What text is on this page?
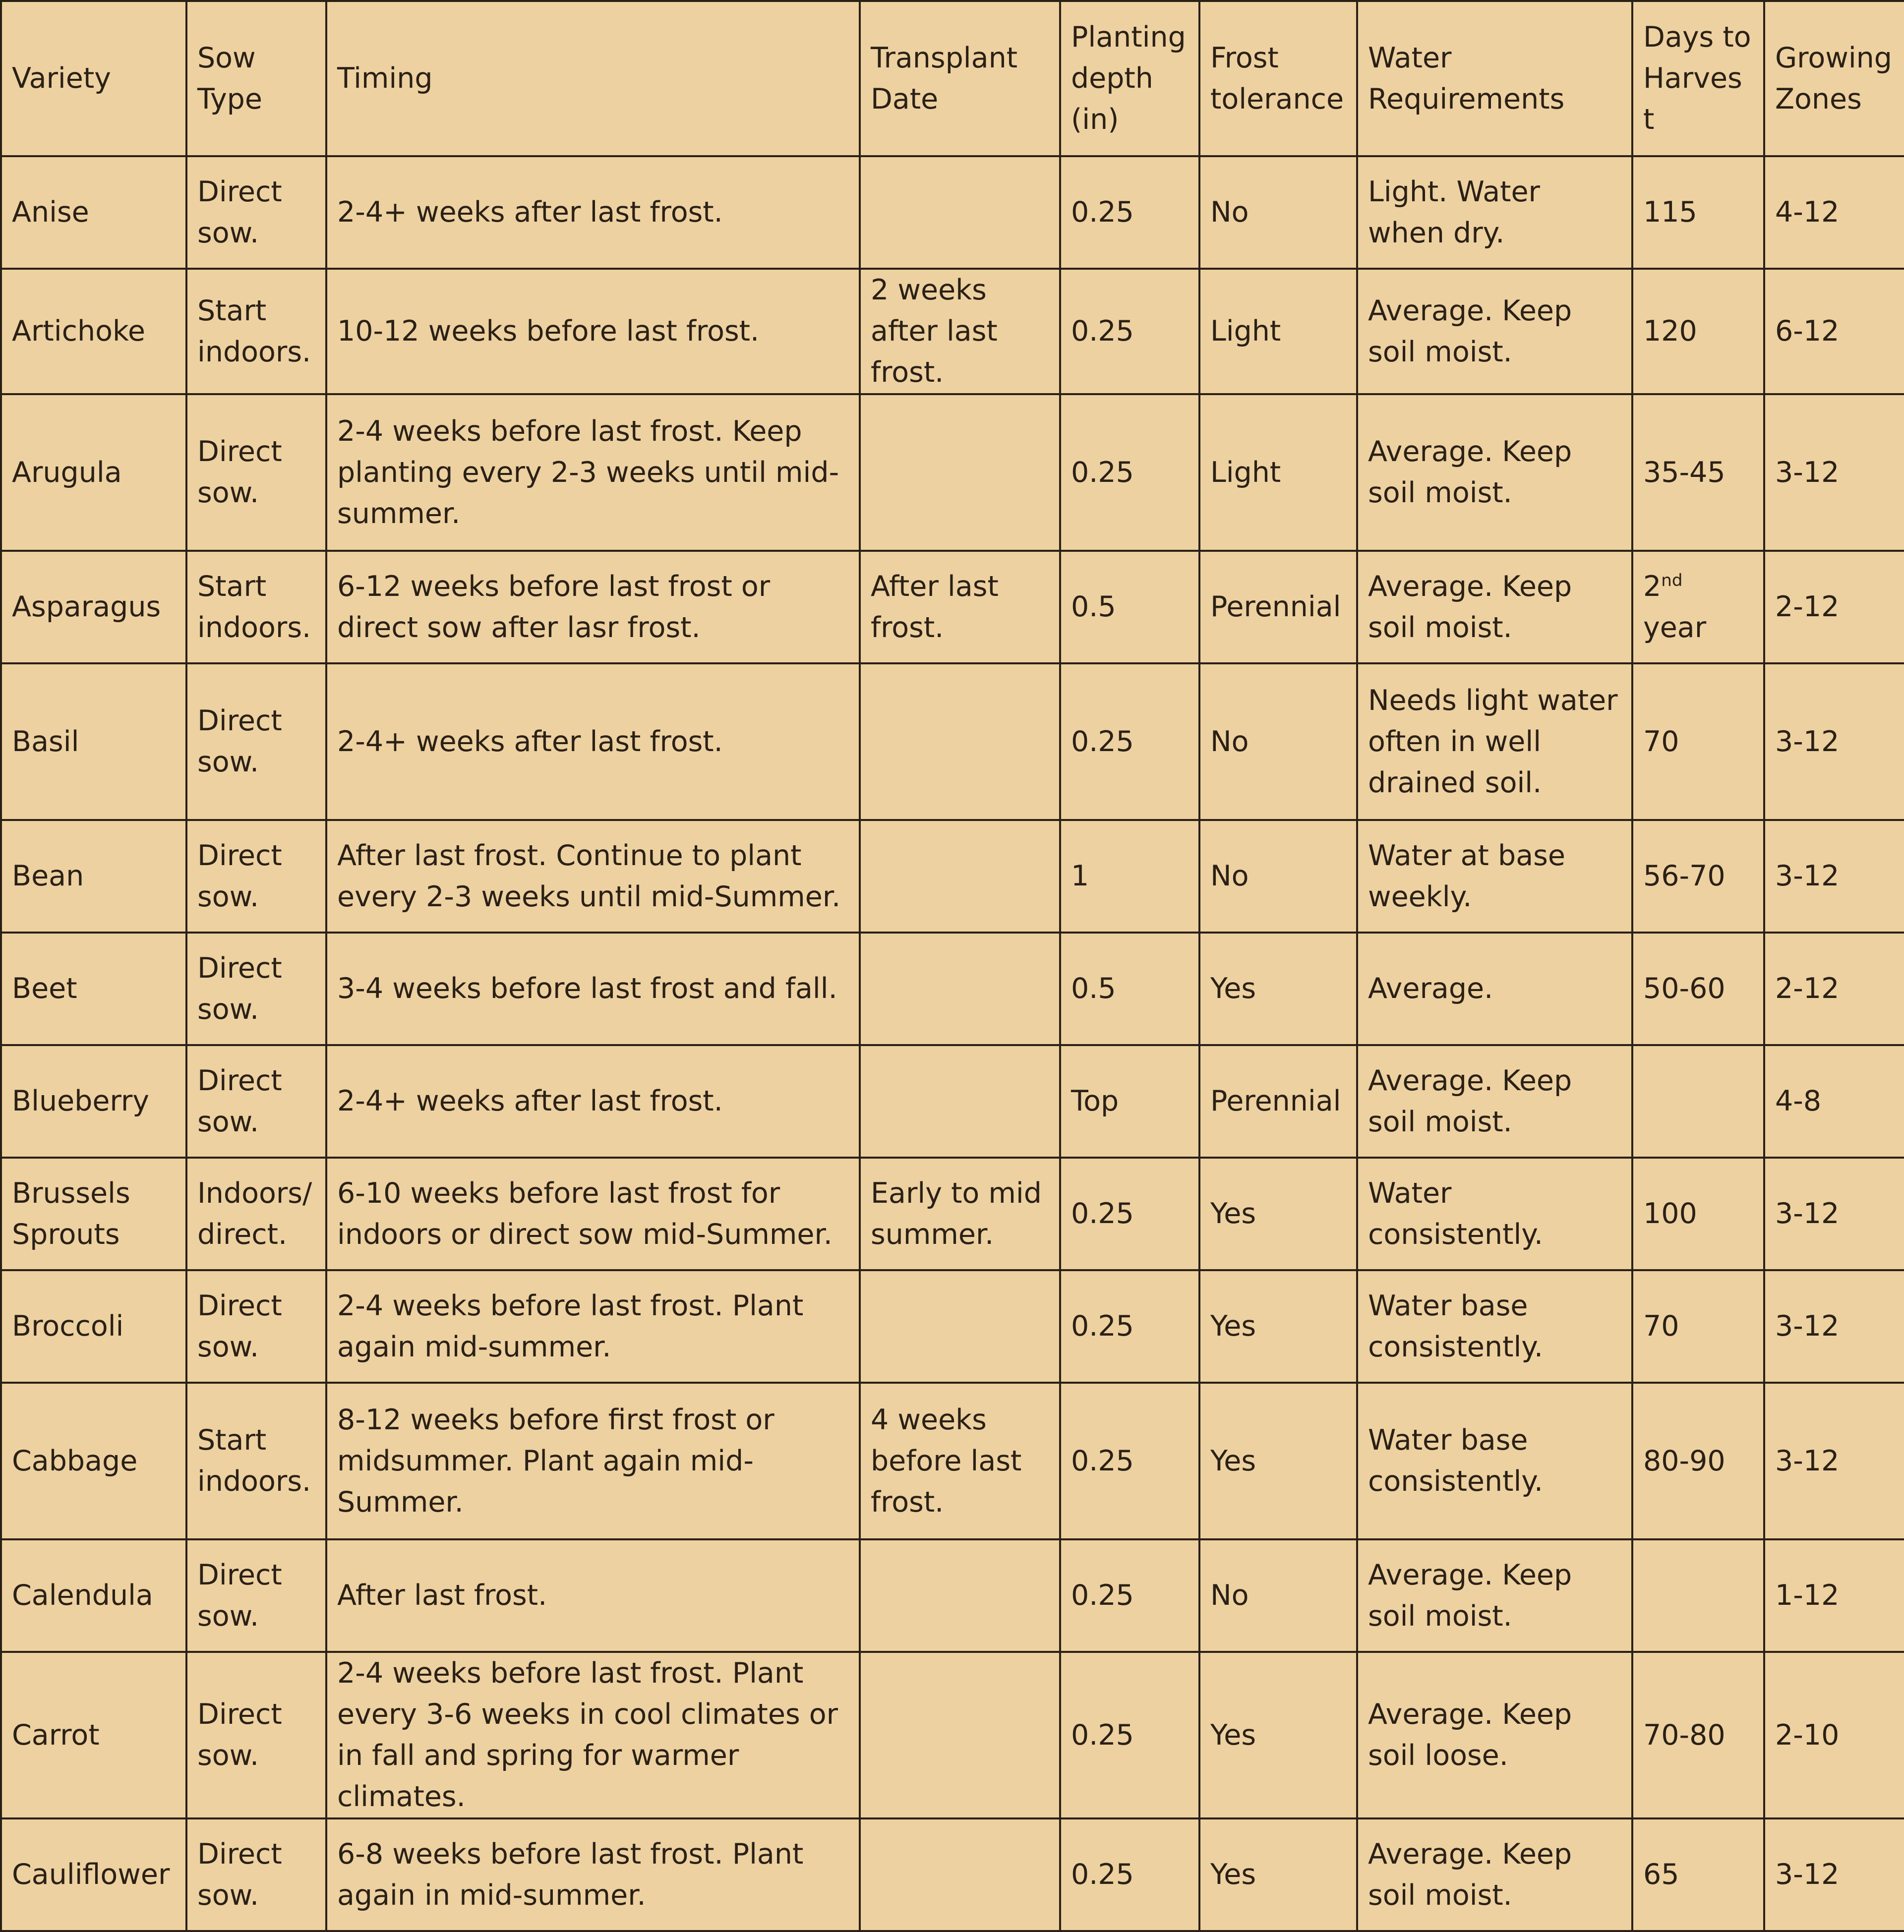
Variety	Sow Type	Timing	Transplant Date	Planting depth (in)	Frost tolerance	Water Requirements	Days to Harvest	Growing Zones
Anise	Direct sow.	2-4+ weeks after last frost.		0.25	No	Light. Water when dry.	115	4-12
Artichoke	Start indoors.	10-12 weeks before last frost.	2 weeks after last frost.	0.25	Light	Average. Keep soil moist.	120	6-12
Arugula	Direct sow.	2-4 weeks before last frost. Keep planting every 2-3 weeks until mid-summer.		0.25	Light	Average. Keep soil moist.	35-45	3-12
Asparagus	Start indoors.	6-12 weeks before last frost or direct sow after lasr frost.	After last frost.	0.5	Perennial	Average. Keep soil moist.	2nd year	2-12
Basil	Direct sow.	2-4+ weeks after last frost.		0.25	No	Needs light water often in well drained soil.	70	3-12
Bean	Direct sow.	After last frost. Continue to plant every 2-3 weeks until mid-Summer.		1	No	Water at base weekly.	56-70	3-12
Beet	Direct sow.	3-4 weeks before last frost and fall.		0.5	Yes	Average.	50-60	2-12
Blueberry	Direct sow.	2-4+ weeks after last frost.		Top	Perennial	Average. Keep soil moist.		4-8
Brussels Sprouts	Indoors/ direct.	6-10 weeks before last frost for indoors or direct sow mid-Summer.	Early to mid summer.	0.25	Yes	Water consistently.	100	3-12
Broccoli	Direct sow.	2-4 weeks before last frost. Plant again mid-summer.		0.25	Yes	Water base consistently.	70	3-12
Cabbage	Start indoors.	8-12 weeks before first frost or midsummer. Plant again mid-Summer.	4 weeks before last frost.	0.25	Yes	Water base consistently.	80-90	3-12
Calendula	Direct sow.	After last frost.		0.25	No	Average. Keep soil moist.		1-12
Carrot	Direct sow.	2-4 weeks before last frost. Plant every 3-6 weeks in cool climates or in fall and spring for warmer climates.		0.25	Yes	Average. Keep soil loose.	70-80	2-10
Cauliflower	Direct sow.	6-8 weeks before last frost. Plant again in mid-summer.		0.25	Yes	Average. Keep soil moist.	65	3-12
